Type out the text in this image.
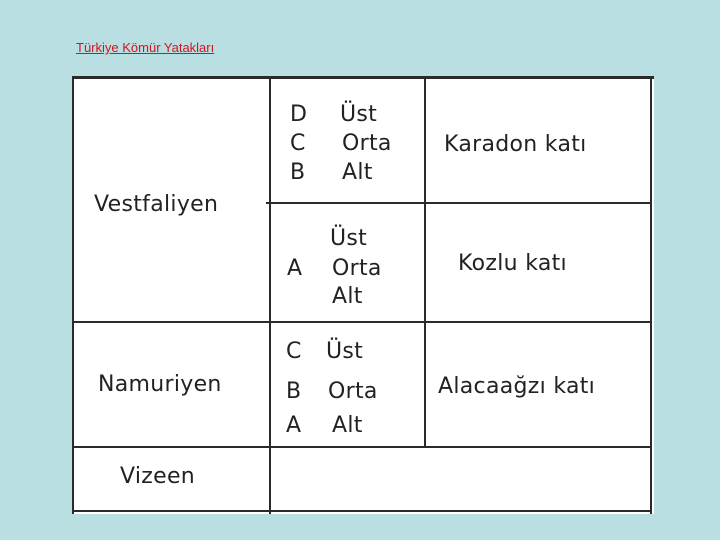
Türkiye Kömür Yatakları
Vestfaliyen
Namuriyen
Vizeen
D Üst
C Orta
B Alt
Karadon katı
Üst
A Orta
Alt
Kozlu katı
C Üst
B Orta
A Alt
Alacaağzı katı
